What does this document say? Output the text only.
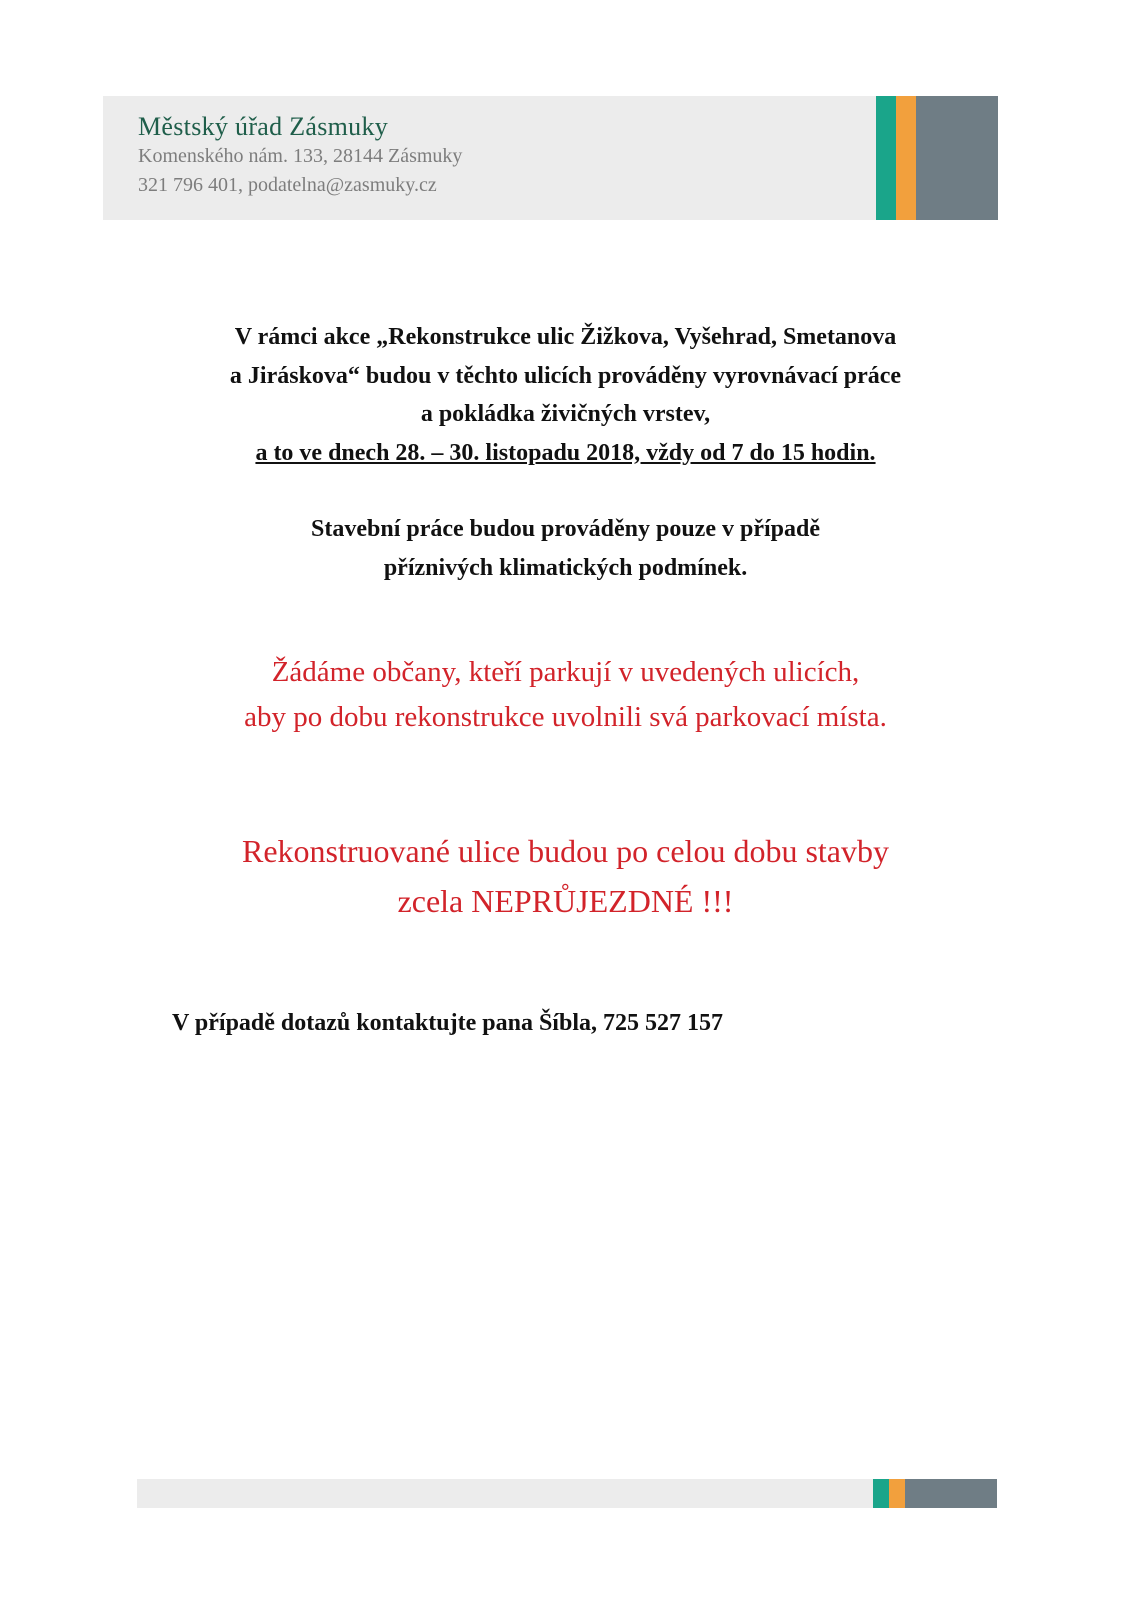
Městský úřad Zásmuky
Komenského nám. 133, 28144 Zásmuky
321 796 401, podatelna@zasmuky.cz
V rámci akce „Rekonstrukce ulic Žižkova, Vyšehrad, Smetanova
a Jiráskova“ budou v těchto ulicích prováděny vyrovnávací práce
a pokládka živičných vrstev,
a to ve dnech 28. – 30. listopadu 2018, vždy od 7 do 15 hodin.
Stavební práce budou prováděny pouze v případě
příznivých klimatických podmínek.
Žádáme občany, kteří parkují v uvedených ulicích,
aby po dobu rekonstrukce uvolnili svá parkovací místa.
Rekonstruované ulice budou po celou dobu stavby
zcela NEPRŮJEZDNÉ !!!
V případě dotazů kontaktujte pana Šíbla, 725 527 157
